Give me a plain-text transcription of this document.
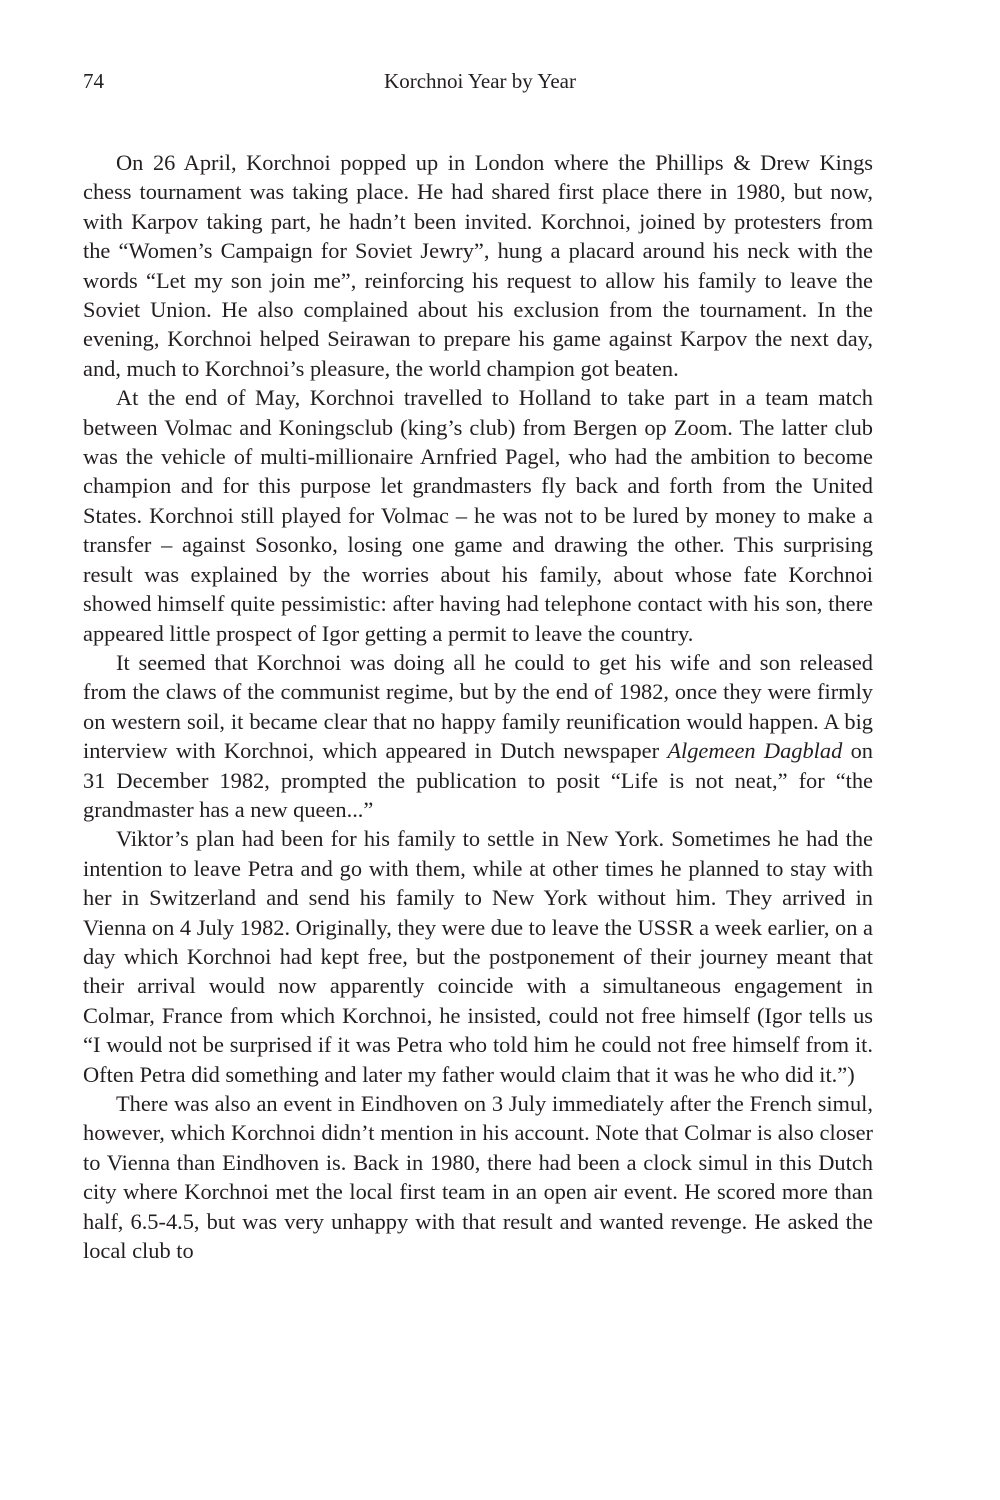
74	Korchnoi Year by Year

On 26 April, Korchnoi popped up in London where the Phillips & Drew Kings chess tournament was taking place. He had shared first place there in 1980, but now, with Karpov taking part, he hadn’t been invited. Korchnoi, joined by protesters from the “Women’s Campaign for Soviet Jewry”, hung a placard around his neck with the words “Let my son join me”, reinforcing his request to allow his family to leave the Soviet Union. He also complained about his exclusion from the tournament. In the evening, Korchnoi helped Seirawan to prepare his game against Karpov the next day, and, much to Korchnoi’s pleasure, the world champion got beaten.

At the end of May, Korchnoi travelled to Holland to take part in a team match between Volmac and Koningsclub (king’s club) from Bergen op Zoom. The latter club was the vehicle of multi-millionaire Arnfried Pagel, who had the ambition to become champion and for this purpose let grandmasters fly back and forth from the United States. Korchnoi still played for Volmac – he was not to be lured by money to make a transfer – against Sosonko, losing one game and drawing the other. This surprising result was explained by the worries about his family, about whose fate Korchnoi showed himself quite pessimistic: after having had telephone contact with his son, there appeared little prospect of Igor getting a permit to leave the country.

It seemed that Korchnoi was doing all he could to get his wife and son released from the claws of the communist regime, but by the end of 1982, once they were firmly on western soil, it became clear that no happy family reunification would happen. A big interview with Korchnoi, which appeared in Dutch newspaper Algemeen Dagblad on 31 December 1982, prompted the publication to posit “Life is not neat,” for “the grandmaster has a new queen...”

Viktor’s plan had been for his family to settle in New York. Sometimes he had the intention to leave Petra and go with them, while at other times he planned to stay with her in Switzerland and send his family to New York without him. They arrived in Vienna on 4 July 1982. Originally, they were due to leave the USSR a week earlier, on a day which Korchnoi had kept free, but the postponement of their journey meant that their arrival would now apparently coincide with a simultaneous engagement in Colmar, France from which Korchnoi, he insisted, could not free himself (Igor tells us “I would not be surprised if it was Petra who told him he could not free himself from it. Often Petra did something and later my father would claim that it was he who did it.”)

There was also an event in Eindhoven on 3 July immediately after the French simul, however, which Korchnoi didn’t mention in his account. Note that Colmar is also closer to Vienna than Eindhoven is. Back in 1980, there had been a clock simul in this Dutch city where Korchnoi met the local first team in an open air event. He scored more than half, 6.5-4.5, but was very unhappy with that result and wanted revenge. He asked the local club to
